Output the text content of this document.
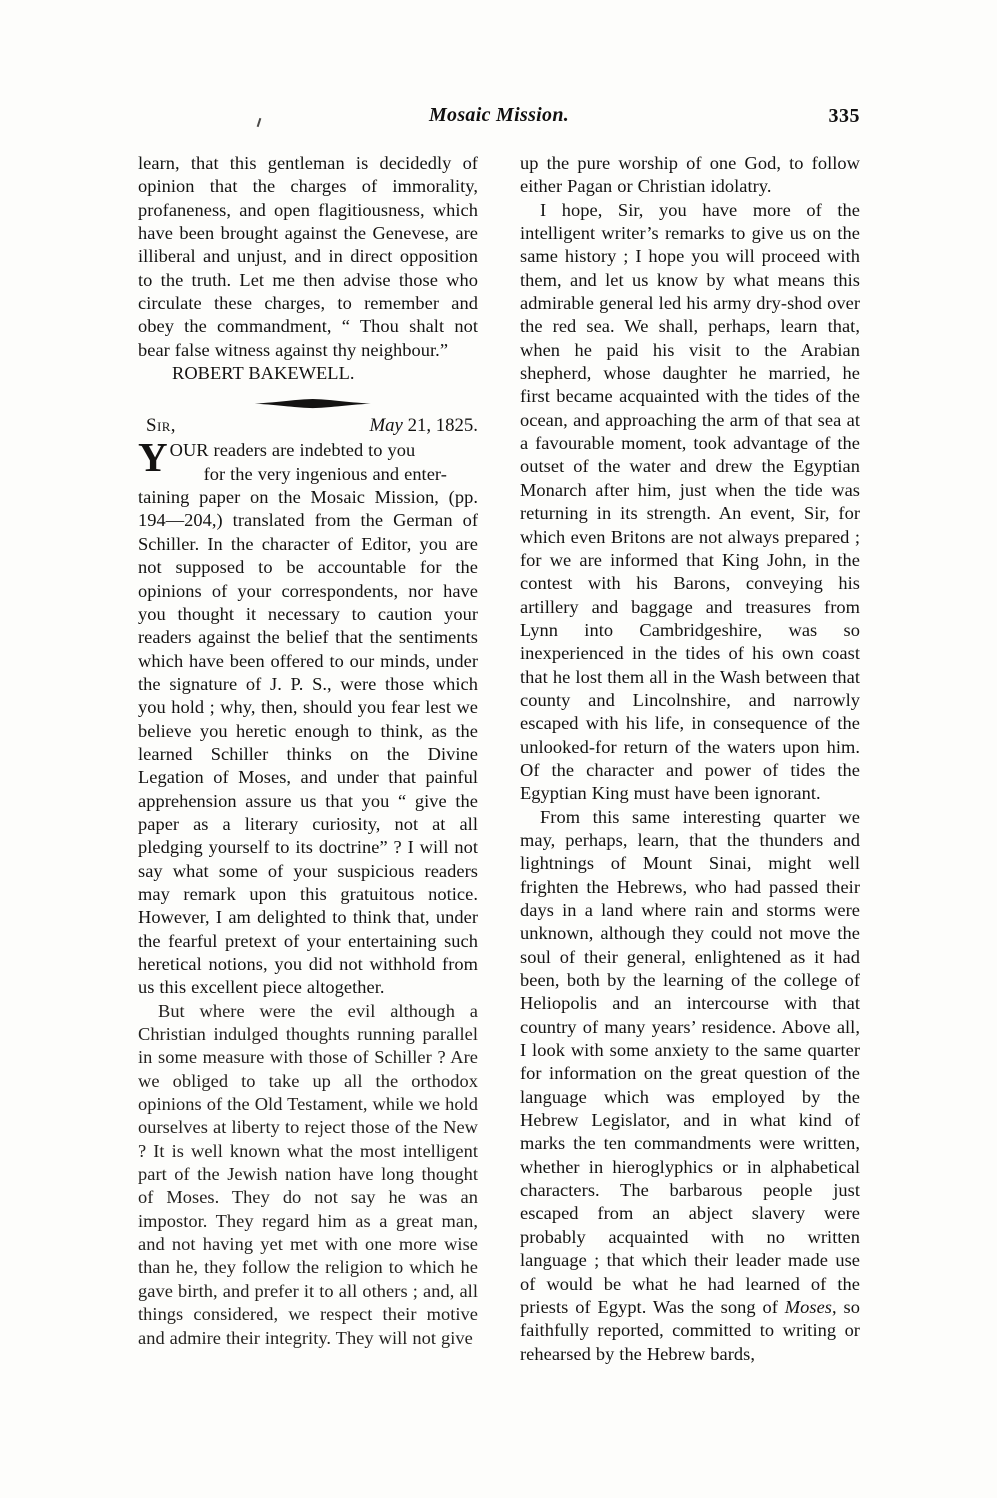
Mosaic Mission.	335

learn, that this gentleman is decidedly of opinion that the charges of immorality, profaneness, and open flagitiousness, which have been brought against the Genevese, are illiberal and unjust, and in direct opposition to the truth. Let me then advise those who circulate these charges, to remember and obey the commandment, “ Thou shalt not bear false witness against thy neighbour.”

ROBERT BAKEWELL.

Sir,	May 21, 1825.
Y OUR readers are indebted to you

for the very ingenious and enter-

taining paper on the Mosaic Mission, (pp. 194—204,) translated from the German of Schiller. In the character of Editor, you are not supposed to be accountable for the opinions of your correspondents, nor have you thought it necessary to caution your readers against the belief that the sentiments which have been offered to our minds, under the signature of J. P. S., were those which you hold ; why, then, should you fear lest we believe you heretic enough to think, as the learned Schiller thinks on the Divine Legation of Moses, and under that painful apprehension assure us that you “ give the paper as a literary curiosity, not at all pledging yourself to its doctrine” ? I will not say what some of your suspicious readers may remark upon this gratuitous notice. However, I am delighted to think that, under the fearful pretext of your entertaining such heretical notions, you did not withhold from us this excellent piece altogether.

But where were the evil although a Christian indulged thoughts running parallel in some measure with those of Schiller ? Are we obliged to take up all the orthodox opinions of the Old Testament, while we hold ourselves at liberty to reject those of the New ? It is well known what the most intelligent part of the Jewish nation have long thought of Moses. They do not say he was an impostor. They regard him as a great man, and not having yet met with one more wise than he, they follow the religion to which he gave birth, and prefer it to all others ; and, all things considered, we respect their motive and admire their integrity. They will not give

up the pure worship of one God, to follow either Pagan or Christian idolatry.

I hope, Sir, you have more of the intelligent writer’s remarks to give us on the same history ; I hope you will proceed with them, and let us know by what means this admirable general led his army dry-shod over the red sea. We shall, perhaps, learn that, when he paid his visit to the Arabian shepherd, whose daughter he married, he first became acquainted with the tides of the ocean, and approaching the arm of that sea at a favourable moment, took advantage of the outset of the water and drew the Egyptian Monarch after him, just when the tide was returning in its strength. An event, Sir, for which even Britons are not always prepared ; for we are informed that King John, in the contest with his Barons, conveying his artillery and baggage and treasures from Lynn into Cambridgeshire, was so inexperienced in the tides of his own coast that he lost them all in the Wash between that county and Lincolnshire, and narrowly escaped with his life, in consequence of the unlooked-for return of the waters upon him. Of the character and power of tides the Egyptian King must have been ignorant.

From this same interesting quarter we may, perhaps, learn, that the thunders and lightnings of Mount Sinai, might well frighten the Hebrews, who had passed their days in a land where rain and storms were unknown, although they could not move the soul of their general, enlightened as it had been, both by the learning of the college of Heliopolis and an intercourse with that country of many years’ residence. Above all, I look with some anxiety to the same quarter for information on the great question of the language which was employed by the Hebrew Legislator, and in what kind of marks the ten commandments were written, whether in hieroglyphics or in alphabetical characters. The barbarous people just escaped from an abject slavery were probably acquainted with no written language ; that which their leader made use of would be what he had learned of the priests of Egypt. Was the song of Moses, so faithfully reported, committed to writing or rehearsed by the Hebrew bards,
